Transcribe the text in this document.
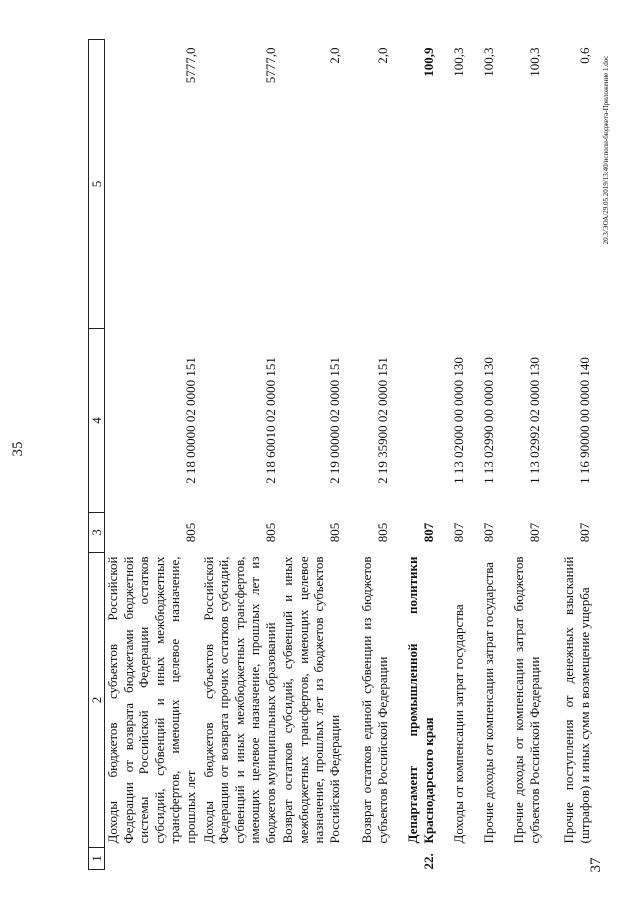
35
37
20.3/ЭОА/29.05.2019/13:40/исполн-бюджета-Приложение 1.doc
1	2	3	4	5
	Доходы бюджетов субъектов Российской Федерации от возврата бюджетами бюджетной системы Российской Федерации остатков субсидий, субвенций и иных межбюджетных трансфертов, имеющих целевое назначение, прошлых лет	805	2 18 00000 02 0000 151	5777,0
	Доходы бюджетов субъектов Российской Федерации от возврата прочих остатков субсидий, субвенций и иных межбюджетных трансфертов, имеющих целевое назначение, прошлых лет из бюджетов муниципальных образований	805	2 18 60010 02 0000 151	5777,0
	Возврат остатков субсидий, субвенций и иных межбюджетных трансфертов, имеющих целевое назначение, прошлых лет из бюджетов субъектов Российской Федерации	805	2 19 00000 02 0000 151	2,0
	Возврат остатков единой субвенции из бюджетов субъектов Российской Федерации	805	2 19 35900 02 0000 151	2,0
22.	Департамент промышленной политики Краснодарского края	807		100,9
	Доходы от компенсации затрат государства	807	1 13 02000 00 0000 130	100,3
	Прочие доходы от компенсации затрат государства	807	1 13 02990 00 0000 130	100,3
	Прочие доходы от компенсации затрат бюджетов субъектов Российской Федерации	807	1 13 02992 02 0000 130	100,3
	Прочие поступления от денежных взысканий (штрафов) и иных сумм в возмещение ущерба	807	1 16 90000 00 0000 140	0,6
